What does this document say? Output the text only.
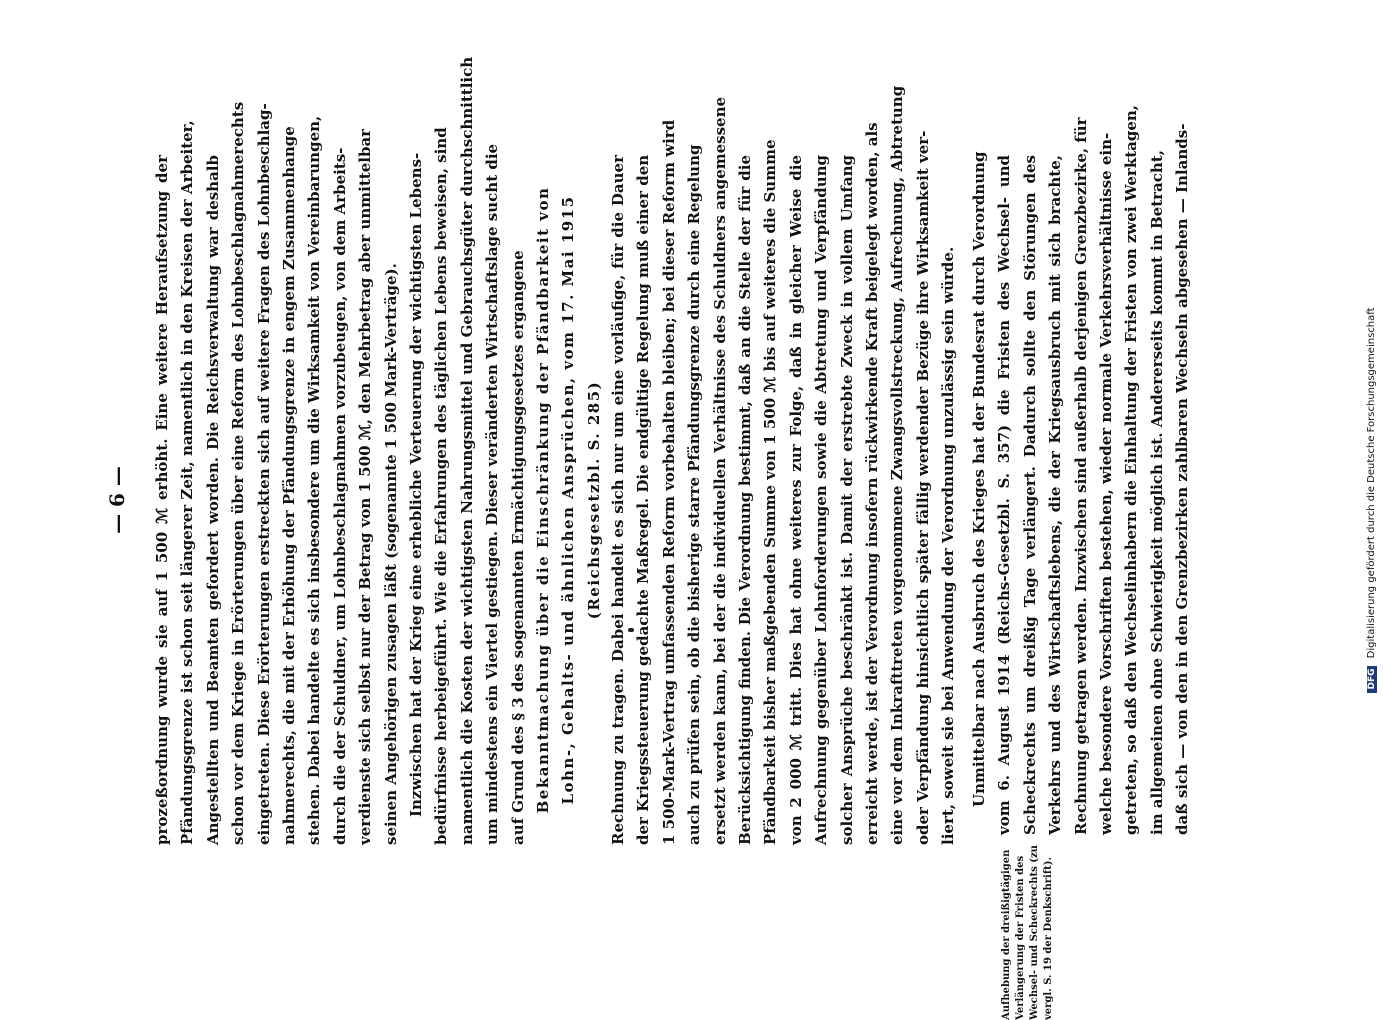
— 6 — prozeßordnung wurde sie auf 1 500 ℳ erhöht. Eine weitere Heraufsetzung der Pfändungsgrenze ist schon seit längerer Zeit, namentlich in den Kreisen der Arbeiter, Angestellten und Beamten gefordert worden. Die Reichsverwaltung war deshalb schon vor dem Kriege in Erörterungen über eine Reform des Lohnbeschlagnahmerechts eingetreten. Diese Erörterungen erstreckten sich auf weitere Fragen des Lohnbeschlag- nahmerechts, die mit der Erhöhung der Pfändungsgrenze in engem Zusammenhange stehen. Dabei handelte es sich insbesondere um die Wirksamkeit von Vereinbarungen, durch die der Schuldner, um Lohnbeschlagnahmen vorzubeugen, von dem Arbeits- verdienste sich selbst nur der Betrag von 1 500 ℳ, den Mehrbetrag aber unmittelbar seinen Angehörigen zusagen läßt (sogenannte 1 500 Mark-Verträge). Inzwischen hat der Krieg eine erhebliche Verteuerung der wichtigsten Lebens- bedürfnisse herbeigeführt. Wie die Erfahrungen des täglichen Lebens beweisen, sind namentlich die Kosten der wichtigsten Nahrungsmittel und Gebrauchsgüter durchschnittlich um mindestens ein Viertel gestiegen. Dieser veränderten Wirtschaftslage sucht die auf Grund des § 3 des sogenannten Ermächtigungsgesetzes ergangene Bekanntmachung über die Einschränkung der Pfändbarkeit von Lohn-, Gehalts- und ähnlichen Ansprüchen, vom 17. Mai 1915 (Reichsgesetzbl. S. 285) Rechnung zu tragen. Dabei handelt es sich nur um eine vorläufige, für die Dauer der Kriegssteuerung gedachte Maßregel. Die endgültige Regelung muß einer den 1 500-Mark-Vertrag umfassenden Reform vorbehalten bleiben; bei dieser Reform wird auch zu prüfen sein, ob die bisherige starre Pfändungsgrenze durch eine Regelung ersetzt werden kann, bei der die individuellen Verhältnisse des Schuldners angemessene Berücksichtigung finden. Die Verordnung bestimmt, daß an die Stelle der für die Pfändbarkeit bisher maßgebenden Summe von 1 500 ℳ bis auf weiteres die Summe von 2 000 ℳ tritt. Dies hat ohne weiteres zur Folge, daß in gleicher Weise die Aufrechnung gegenüber Lohnforderungen sowie die Abtretung und Verpfändung solcher Ansprüche beschränkt ist. Damit der erstrebte Zweck in vollem Umfang erreicht werde, ist der Verordnung insofern rückwirkende Kraft beigelegt worden, als eine vor dem Inkrafttreten vorgenommene Zwangsvollstreckung, Aufrechnung, Abtretung oder Verpfändung hinsichtlich später fällig werdender Bezüge ihre Wirksamkeit ver- liert, soweit sie bei Anwendung der Verordnung unzulässig sein würde.
Aufhebung der dreißigtägigen Verlängerung der Fristen des Wechsel- und Scheckrechts (zu vergl. S. 19 der Denkschrift).
Unmittelbar nach Ausbruch des Krieges hat der Bundesrat durch Verordnung vom 6. August 1914 (Reichs-Gesetzbl. S. 357) die Fristen des Wechsel- und Scheckrechts um dreißig Tage verlängert. Dadurch sollte den Störungen des Verkehrs und des Wirtschaftslebens, die der Kriegsausbruch mit sich brachte, Rechnung getragen werden. Inzwischen sind außerhalb derjenigen Grenzbezirke, für welche besondere Vorschriften bestehen, wieder normale Verkehrsverhältnisse ein- getreten, so daß den Wechselinhabern die Einhaltung der Fristen von zwei Werktagen, im allgemeinen ohne Schwierigkeit möglich ist. Andererseits kommt in Betracht, daß sich — von den in den Grenzbezirken zahlbaren Wechseln abgesehen — Inlands-	DFG Digitalisierung gefördert durch die Deutsche Forschungsgemeinschaft
